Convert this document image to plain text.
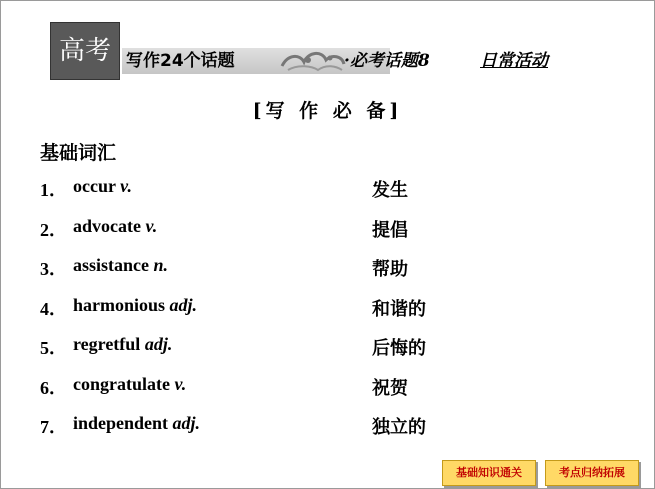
高考 写作24个话题	·必考话题8	日常活动
[写 作 必 备]
基础词汇
1． occur v.	发生
2． advocate v.	提倡
3． assistance n.	帮助
4． harmonious adj.	和谐的
5． regretful adj.	后悔的
6． congratulate v.	祝贺
7． independent adj.	独立的
基础知识通关	考点归纳拓展
